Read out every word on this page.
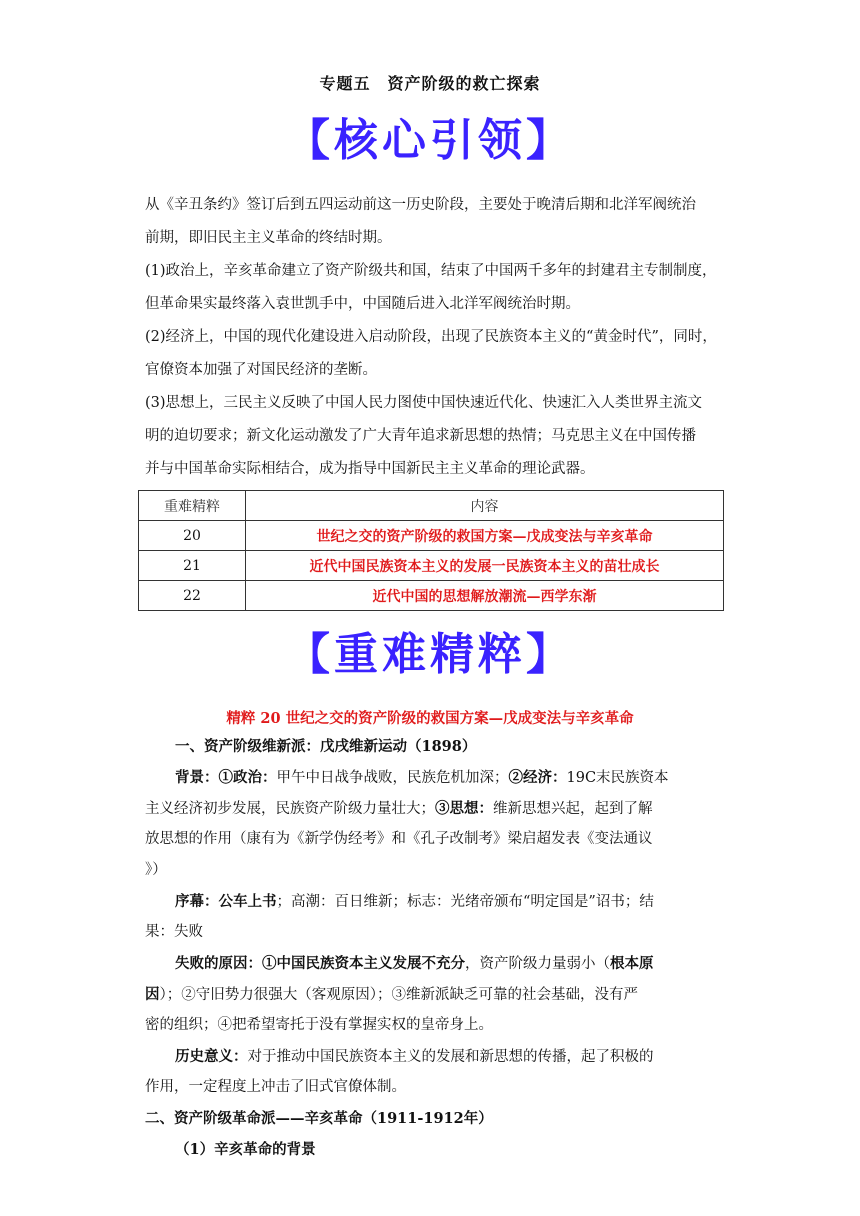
专题五　资产阶级的救亡探索
【核心引领】
从《辛丑条约》签订后到五四运动前这一历史阶段，主要处于晚清后期和北洋军阀统治
前期，即旧民主主义革命的终结时期。
(1)政治上，辛亥革命建立了资产阶级共和国，结束了中国两千多年的封建君主专制制度，
但革命果实最终落入袁世凯手中，中国随后进入北洋军阀统治时期。
(2)经济上，中国的现代化建设进入启动阶段，出现了民族资本主义的“黄金时代”，同时，
官僚资本加强了对国民经济的垄断。
(3)思想上，三民主义反映了中国人民力图使中国快速近代化、快速汇入人类世界主流文
明的迫切要求；新文化运动激发了广大青年追求新思想的热情；马克思主义在中国传播
并与中国革命实际相结合，成为指导中国新民主主义革命的理论武器。
重难精粹	内容
20	世纪之交的资产阶级的救国方案—戊成变法与辛亥革命
21	近代中国民族资本主义的发展一民族资本主义的苗壮成长
22	近代中国的思想解放潮流—西学东渐
【重难精粹】
精粹 20 世纪之交的资产阶级的救国方案—戊成变法与辛亥革命
一、资产阶级维新派：戊戌维新运动（1898）
背景：①政治：甲午中日战争战败，民族危机加深；②经济：19C末民族资本
主义经济初步发展，民族资产阶级力量壮大；③思想：维新思想兴起，起到了解
放思想的作用（康有为《新学伪经考》和《孔子改制考》梁启超发表《变法通议
》）
序幕：公车上书；高潮：百日维新；标志：光绪帝颁布“明定国是”诏书；结
果：失败
失败的原因：①中国民族资本主义发展不充分，资产阶级力量弱小（根本原
因）；②守旧势力很强大（客观原因）；③维新派缺乏可靠的社会基础，没有严
密的组织；④把希望寄托于没有掌握实权的皇帝身上。
历史意义：对于推动中国民族资本主义的发展和新思想的传播，起了积极的
作用，一定程度上冲击了旧式官僚体制。
二、资产阶级革命派——辛亥革命（1911-1912年）
（1）辛亥革命的背景
